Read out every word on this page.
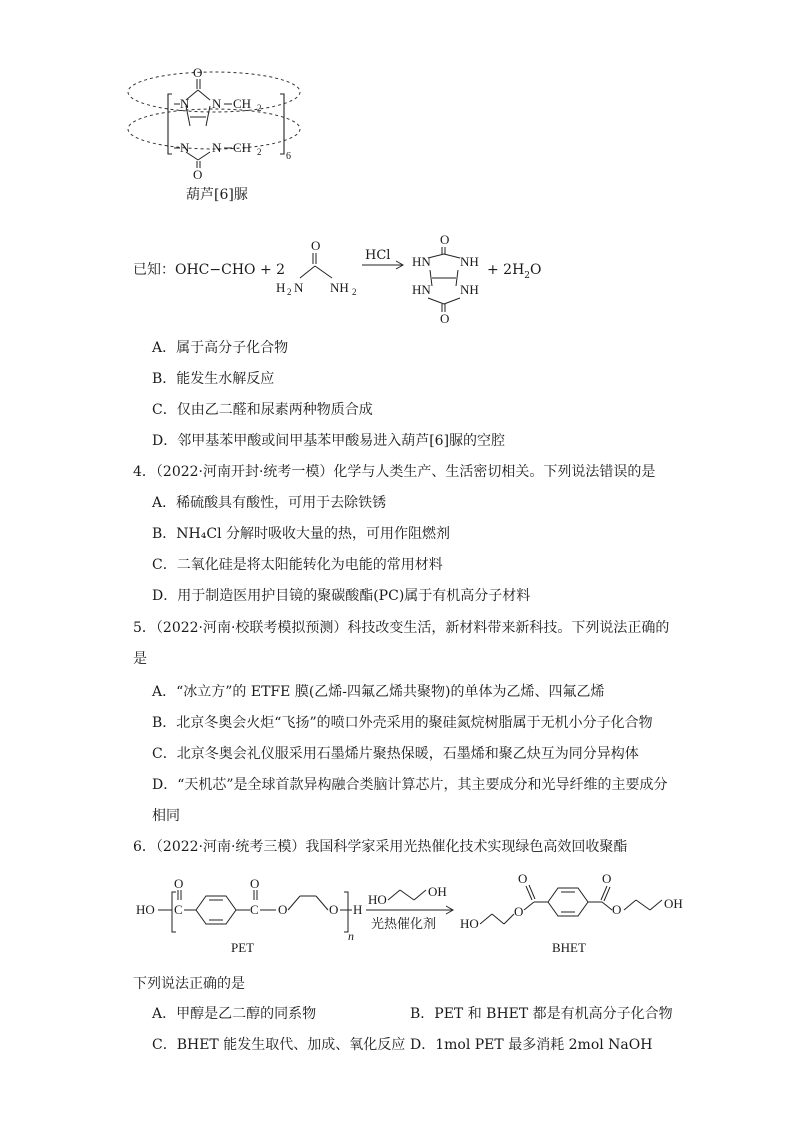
O
N N CH 2
N N CH 2 6
O
葫芦[6]脲
已知：OHC−CHO + 2
O
H 2 N NH 2
HCl
O
HN NH
HN NH
O
+ $2H_2O$
A．属于高分子化合物
B．能发生水解反应
C．仅由乙二醛和尿素两种物质合成
D．邻甲基苯甲酸或间甲基苯甲酸易进入葫芦[6]脲的空腔
4．（2022·河南开封·统考一模）化学与人类生产、生活密切相关。下列说法错误的是
A．稀硫酸具有酸性，可用于去除铁锈
B．NH₄Cl 分解时吸收大量的热，可用作阻燃剂
C．二氧化硅是将太阳能转化为电能的常用材料
D．用于制造医用护目镜的聚碳酸酯(PC)属于有机高分子材料
5．（2022·河南·校联考模拟预测）科技改变生活，新材料带来新科技。下列说法正确的
是
A．“冰立方”的 ETFE 膜(乙烯-四氟乙烯共聚物)的单体为乙烯、四氟乙烯
B．北京冬奥会火炬“飞扬”的喷口外壳采用的聚硅氮烷树脂属于无机小分子化合物
C．北京冬奥会礼仪服采用石墨烯片聚热保暖，石墨烯和聚乙炔互为同分异构体
D．“天机芯”是全球首款异构融合类脑计算芯片，其主要成分和光导纤维的主要成分
相同
6．（2022·河南·统考三模）我国科学家采用光热催化技术实现绿色高效回收聚酯
HO C
O
C
O
O	O H
n
PET
HO
OH
光热催化剂 HO
O
O	O
O	OH
BHET
下列说法正确的是
A．甲醇是乙二醇的同系物	B．PET 和 BHET 都是有机高分子化合物
C．BHET 能发生取代、加成、氧化反应 D．1mol PET 最多消耗 2mol NaOH
